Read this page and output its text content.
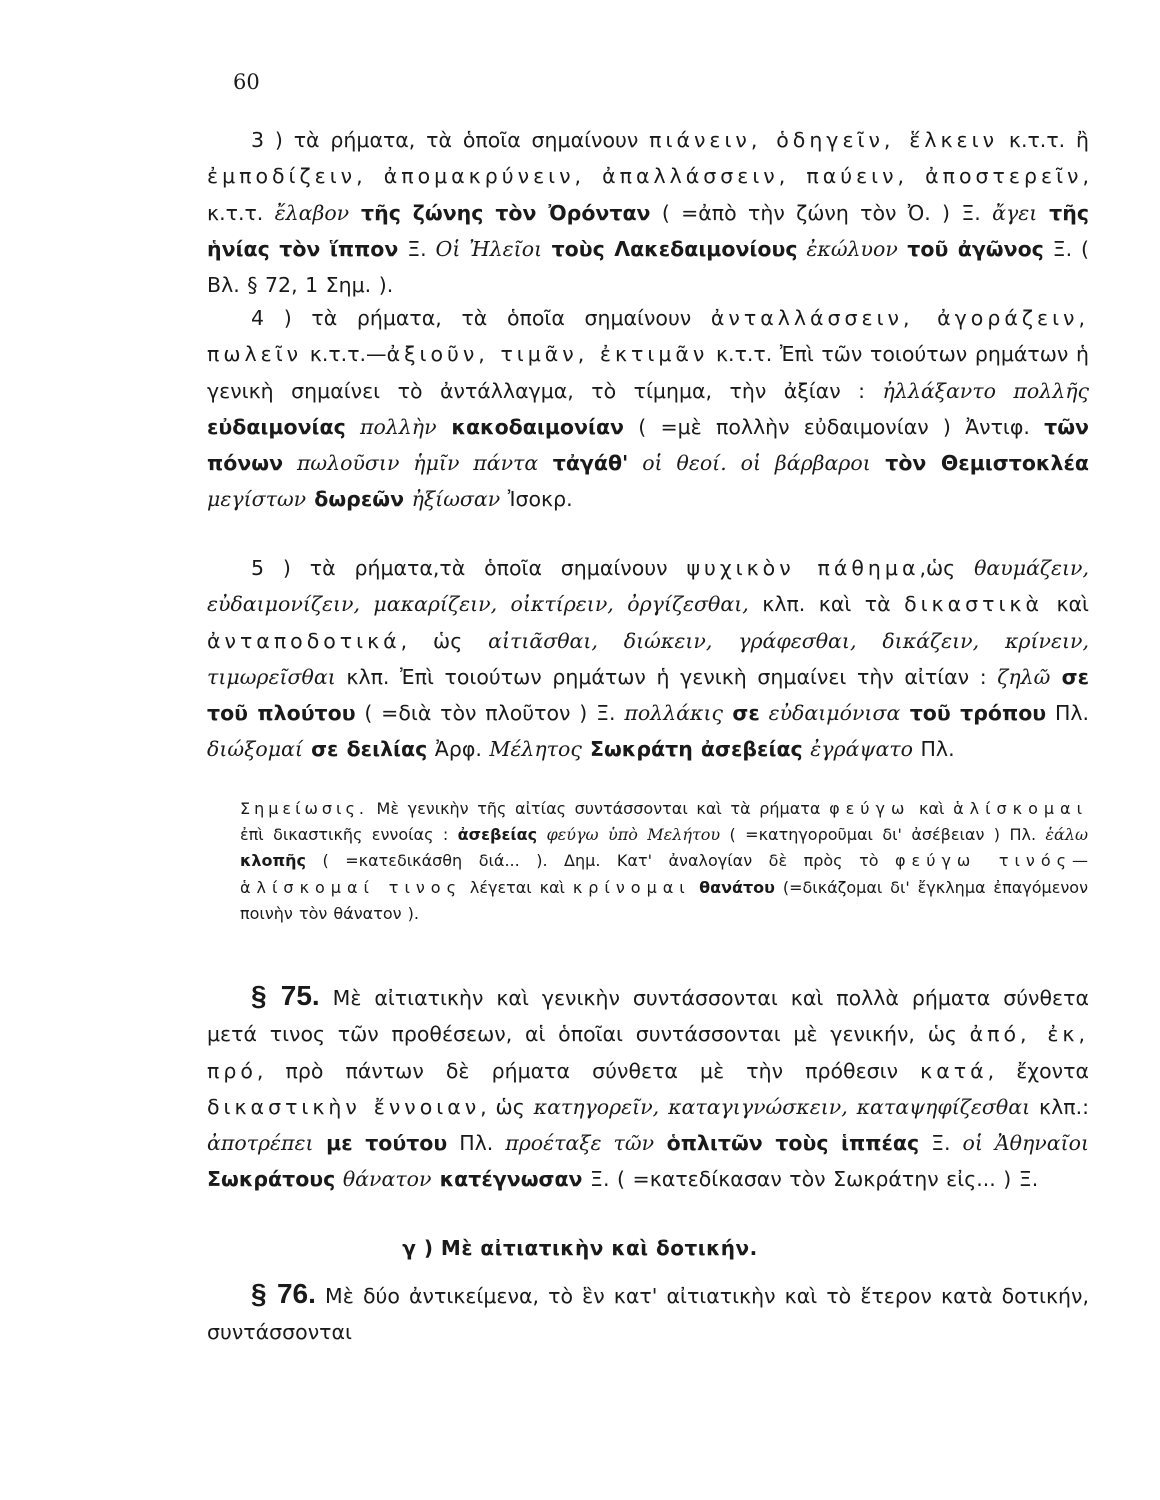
60
3 ) τὰ ρήματα, τὰ ὁποῖα σημαίνουν πιάνειν, ὁδηγεῖν, ἕλκειν κ.τ.τ. ἢ ἐμποδίζειν, ἀπομακρύνειν, ἀπαλλάσσειν, παύειν, ἀποστερεῖν, κ.τ.τ. ἔλαβον τῆς ζώνης τὸν Ὀρόνταν ( =ἀπὸ τὴν ζώνη τὸν Ὀ. ) Ξ. ἄγει τῆς ἡνίας τὸν ἵππον Ξ. Οἱ Ἠλεῖοι τοὺς Λακεδαιμονίους ἐκώλυον τοῦ ἀγῶνος Ξ. ( Βλ. § 72, 1 Σημ. ).
4 ) τὰ ρήματα, τὰ ὁποῖα σημαίνουν ἀνταλλάσσειν, ἀγοράζειν, πωλεῖν κ.τ.τ.—ἀξιοῦν, τιμᾶν, ἐκτιμᾶν κ.τ.τ. Ἐπὶ τῶν τοιούτων ρημάτων ἡ γενικὴ σημαίνει τὸ ἀντάλλαγμα, τὸ τίμημα, τὴν ἀξίαν : ἠλλάξαντο πολλῆς εὐδαιμονίας πολλὴν κακοδαιμονίαν ( =μὲ πολλὴν εὐδαιμονίαν ) Ἀντιφ. τῶν πόνων πωλοῦσιν ἡμῖν πάντα τἀγάθ' οἱ θεοί. οἱ βάρβαροι τὸν Θεμιστοκλέα μεγίστων δωρεῶν ἠξίωσαν Ἰσοκρ.
5 ) τὰ ρήματα,τὰ ὁποῖα σημαίνουν ψυχικὸν πάθημα,ὡς θαυμάζειν, εὐδαιμονίζειν, μακαρίζειν, οἰκτίρειν, ὀργίζεσθαι, κλπ. καὶ τὰ δικαστικὰ καὶ ἀνταποδοτικά, ὡς αἰτιᾶσθαι, διώκειν, γράφεσθαι, δικάζειν, κρίνειν, τιμωρεῖσθαι κλπ. Ἐπὶ τοιούτων ρημάτων ἡ γενικὴ σημαίνει τὴν αἰτίαν : ζηλῶ σε τοῦ πλούτου ( =διὰ τὸν πλοῦτον ) Ξ. πολλάκις σε εὐδαιμόνισα τοῦ τρόπου Πλ. διώξομαί σε δειλίας Ἀρφ. Μέλητος Σωκράτη ἀσεβείας ἐγράψατο Πλ.
Σημείωσις. Μὲ γενικὴν τῆς αἰτίας συντάσσονται καὶ τὰ ρήματα φεύγω καὶ ἁλίσκομαι ἐπὶ δικαστικῆς εννοίας : ἀσεβείας φεύγω ὑπὸ Μελήτου ( =κατηγοροῦμαι δι' ἀσέβειαν ) Πλ. ἑάλω κλοπῆς ( =κατεδικάσθη διά... ). Δημ. Κατ' ἀναλογίαν δὲ πρὸς τὸ φεύγω τινός— ἁλίσκομαί τινος λέγεται καὶ κρίνομαι θανάτου (=δικάζομαι δι' ἔγκλημα ἐπαγόμενον ποινὴν τὸν θάνατον ).
§ 75. Μὲ αἰτιατικὴν καὶ γενικὴν συντάσσονται καὶ πολλὰ ρήματα σύνθετα μετά τινος τῶν προθέσεων, αἱ ὁποῖαι συντάσσονται μὲ γενικήν, ὡς ἀπό, ἐκ, πρό, πρὸ πάντων δὲ ρήματα σύνθετα μὲ τὴν πρόθεσιν κατά, ἔχοντα δικαστικὴν ἔννοιαν, ὡς κατηγορεῖν, καταγιγνώσκειν, καταψηφίζεσθαι κλπ.: ἀποτρέπει με τούτου Πλ. προέταξε τῶν ὁπλιτῶν τοὺς ἱππέας Ξ. οἱ Ἀθηναῖοι Σωκράτους θάνατον κατέγνωσαν Ξ. ( =κατεδίκασαν τὸν Σωκράτην εἰς... ) Ξ.
γ ) Μὲ αἰτιατικὴν καὶ δοτικήν.
§ 76. Μὲ δύο ἀντικείμενα, τὸ ἓν κατ' αἰτιατικὴν καὶ τὸ ἕτερον κατὰ δοτικήν, συντάσσονται
